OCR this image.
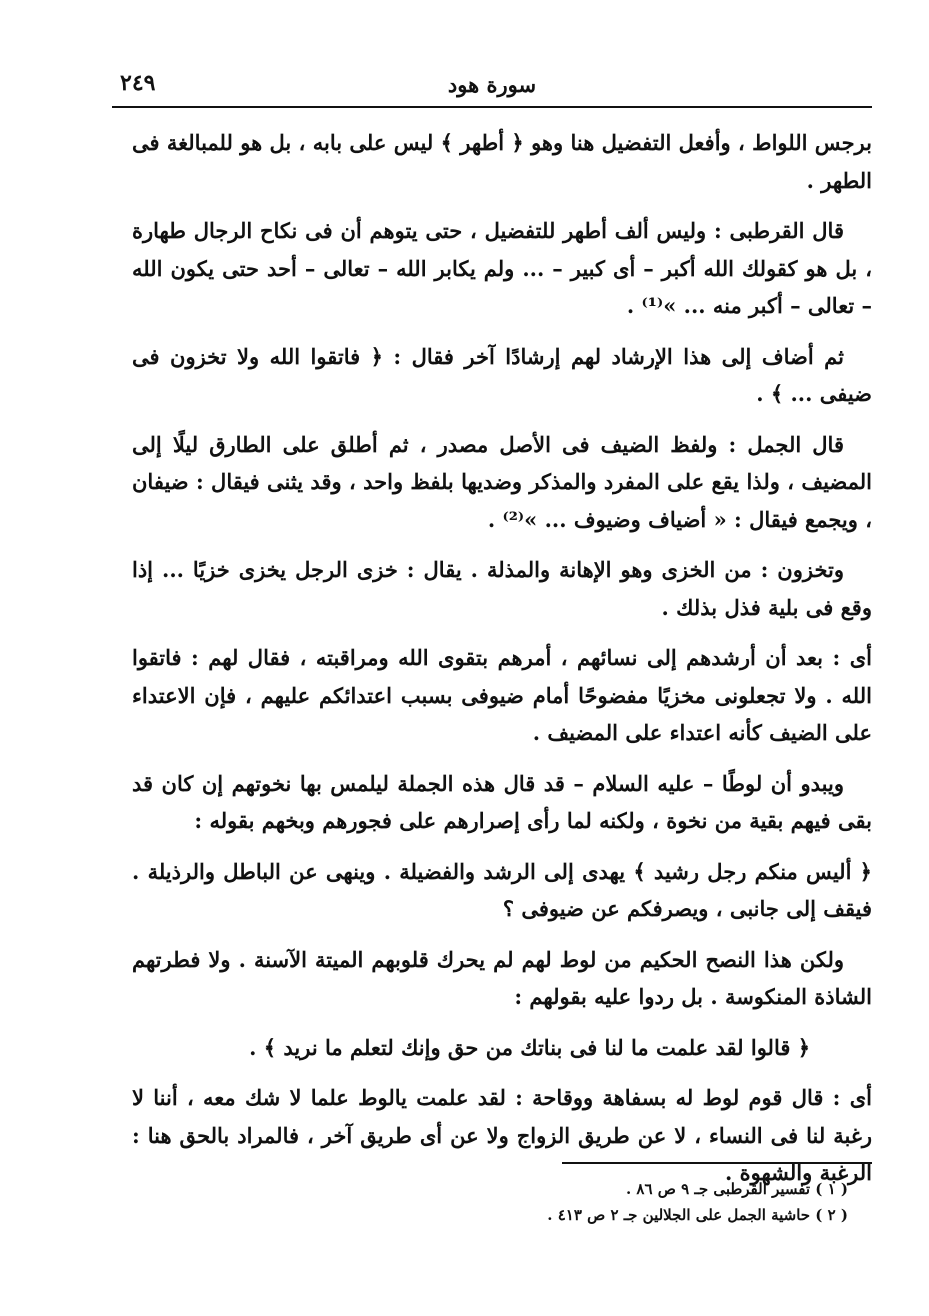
سورة هود
٢٤٩

برجس اللواط ، وأفعل التفضيل هنا وهو ﴿ أطهر ﴾ ليس على بابه ، بل هو للمبالغة فى الطهر .

قال القرطبى : وليس ألف أطهر للتفضيل ، حتى يتوهم أن فى نكاح الرجال طهارة ، بل هو كقولك الله أكبر – أى كبير – ... ولم يكابر الله – تعالى – أحد حتى يكون الله – تعالى – أكبر منه ... »⁽¹⁾ .

ثم أضاف إلى هذا الإرشاد لهم إرشادًا آخر فقال : ﴿ فاتقوا الله ولا تخزون فى ضيفى ... ﴾ .

قال الجمل : ولفظ الضيف فى الأصل مصدر ، ثم أطلق على الطارق ليلًا إلى المضيف ، ولذا يقع على المفرد والمذكر وضديها بلفظ واحد ، وقد يثنى فيقال : ضيفان ، ويجمع فيقال : « أضياف وضيوف ... »⁽²⁾ .

وتخزون : من الخزى وهو الإهانة والمذلة . يقال : خزى الرجل يخزى خزيًا ... إذا وقع فى بلية فذل بذلك .

أى : بعد أن أرشدهم إلى نسائهم ، أمرهم بتقوى الله ومراقبته ، فقال لهم : فاتقوا الله . ولا تجعلونى مخزيًا مفضوحًا أمام ضيوفى بسبب اعتدائكم عليهم ، فإن الاعتداء على الضيف كأنه اعتداء على المضيف .

ويبدو أن لوطًا – عليه السلام – قد قال هذه الجملة ليلمس بها نخوتهم إن كان قد بقى فيهم بقية من نخوة ، ولكنه لما رأى إصرارهم على فجورهم وبخهم بقوله :

﴿ أليس منكم رجل رشيد ﴾ يهدى إلى الرشد والفضيلة . وينهى عن الباطل والرذيلة . فيقف إلى جانبى ، ويصرفكم عن ضيوفى ؟

ولكن هذا النصح الحكيم من لوط لهم لم يحرك قلوبهم الميتة الآسنة . ولا فطرتهم الشاذة المنكوسة . بل ردوا عليه بقولهم :

﴿ قالوا لقد علمت ما لنا فى بناتك من حق وإنك لتعلم ما نريد ﴾ .

أى : قال قوم لوط له بسفاهة ووقاحة : لقد علمت يالوط علما لا شك معه ، أننا لا رغبة لنا فى النساء ، لا عن طريق الزواج ولا عن أى طريق آخر ، فالمراد بالحق هنا : الرغبة والشهوة .

( ١ ) تفسير القرطبى جـ ٩ ص ٨٦ .

( ٢ ) حاشية الجمل على الجلالين جـ ٢ ص ٤١٣ .
